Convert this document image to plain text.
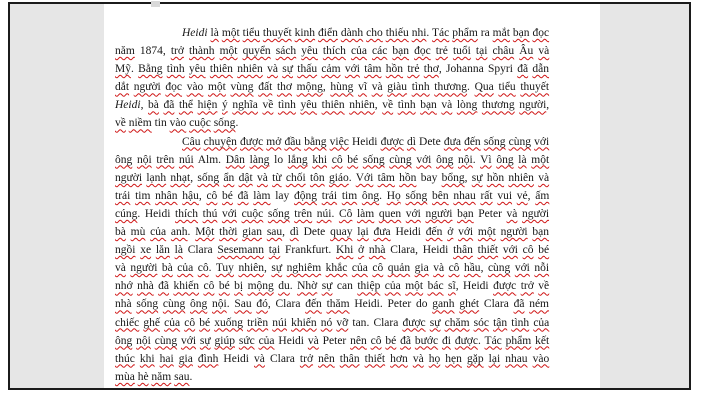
Heidi là một tiểu thuyết kinh điển dành cho thiếu nhi. Tác phẩm ra mắt bạn đọc
năm 1874, trở thành một quyển sách yêu thích của các bạn đọc trẻ tuổi tại châu Âu và
Mỹ. Bằng tình yêu thiên nhiên và sự thấu cảm với tâm hồn trẻ thơ, Johanna Spyri đã dẫn
dắt người đọc vào một vùng đất thơ mộng, hùng vĩ và giàu tình thương. Qua tiểu thuyết
Heidi, bà đã thể hiện ý nghĩa về tình yêu thiên nhiên, về tình bạn và lòng thương người,
về niềm tin vào cuộc sống.
Câu chuyện được mở đầu bằng việc Heidi được dì Dete đưa đến sống cùng với
ông nội trên núi Alm. Dân làng lo lắng khi cô bé sống cùng với ông nội. Vì ông là một
người lạnh nhạt, sống ẩn dật và từ chối tôn giáo. Với tâm hồn bay bổng, sự hồn nhiên và
trái tim nhân hậu, cô bé đã làm lay động trái tim ông. Họ sống bên nhau rất vui vẻ, ấm
cúng. Heidi thích thú với cuộc sống trên núi. Cô làm quen với người bạn Peter và người
bà mù của anh. Một thời gian sau, dì Dete quay lại đưa Heidi đến ở với một người bạn
ngồi xe lăn là Clara Sesemann tại Frankfurt. Khi ở nhà Clara, Heidi thân thiết với cô bé
và người bà của cô. Tuy nhiên, sự nghiêm khắc của cô quản gia và cô hầu, cùng với nỗi
nhớ nhà đã khiến cô bé bị mộng du. Nhờ sự can thiệp của một bác sĩ, Heidi được trở về
nhà sống cùng ông nội. Sau đó, Clara đến thăm Heidi. Peter do ganh ghét Clara đã ném
chiếc ghế của cô bé xuống triền núi khiến nó vỡ tan. Clara được sự chăm sóc tận tình của
ông nội cùng với sự giúp sức của Heidi và Peter nên cô bé đã bước đi được. Tác phẩm kết
thúc khi hai gia đình Heidi và Clara trở nên thân thiết hơn và họ hẹn gặp lại nhau vào
mùa hè năm sau.
